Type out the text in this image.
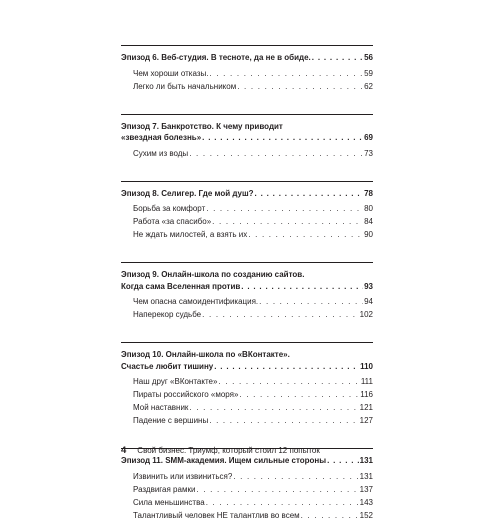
Эпизод 6. Веб-студия. В тесноте, да не в обиде. . . .	56
Чем хороши отказы. . . .	59
Легко ли быть начальником . . .	62
Эпизод 7. Банкротство. К чему приводит
«звездная болезнь» . . .	69
Сухим из воды . . .	73
Эпизод 8. Селигер. Где мой душ? . . .	78
Борьба за комфорт . . .	80
Работа «за спасибо» . . .	84
Не ждать милостей, а взять их . . .	90
Эпизод 9. Онлайн-школа по созданию сайтов.
Когда сама Вселенная против . . .	93
Чем опасна самоидентификация. . . .	94
Наперекор судьбе . . .	102
Эпизод 10. Онлайн-школа по «ВКонтакте».
Счастье любит тишину . . .	110
Наш друг «ВКонтакте» . . .	111
Пираты российского «моря» . . .	116
Мой наставник . . .	121
Падение с вершины . . .	127
Эпизод 11. SMM-академия. Ищем сильные стороны . . .	131
Извинить или извиниться? . . .	131
Раздвигая рамки . . .	137
Сила меньшинства . . .	143
Талантливый человек НЕ талантлив во всем . . .	152
4 Свой бизнес. Триумф, который стоил 12 попыток
